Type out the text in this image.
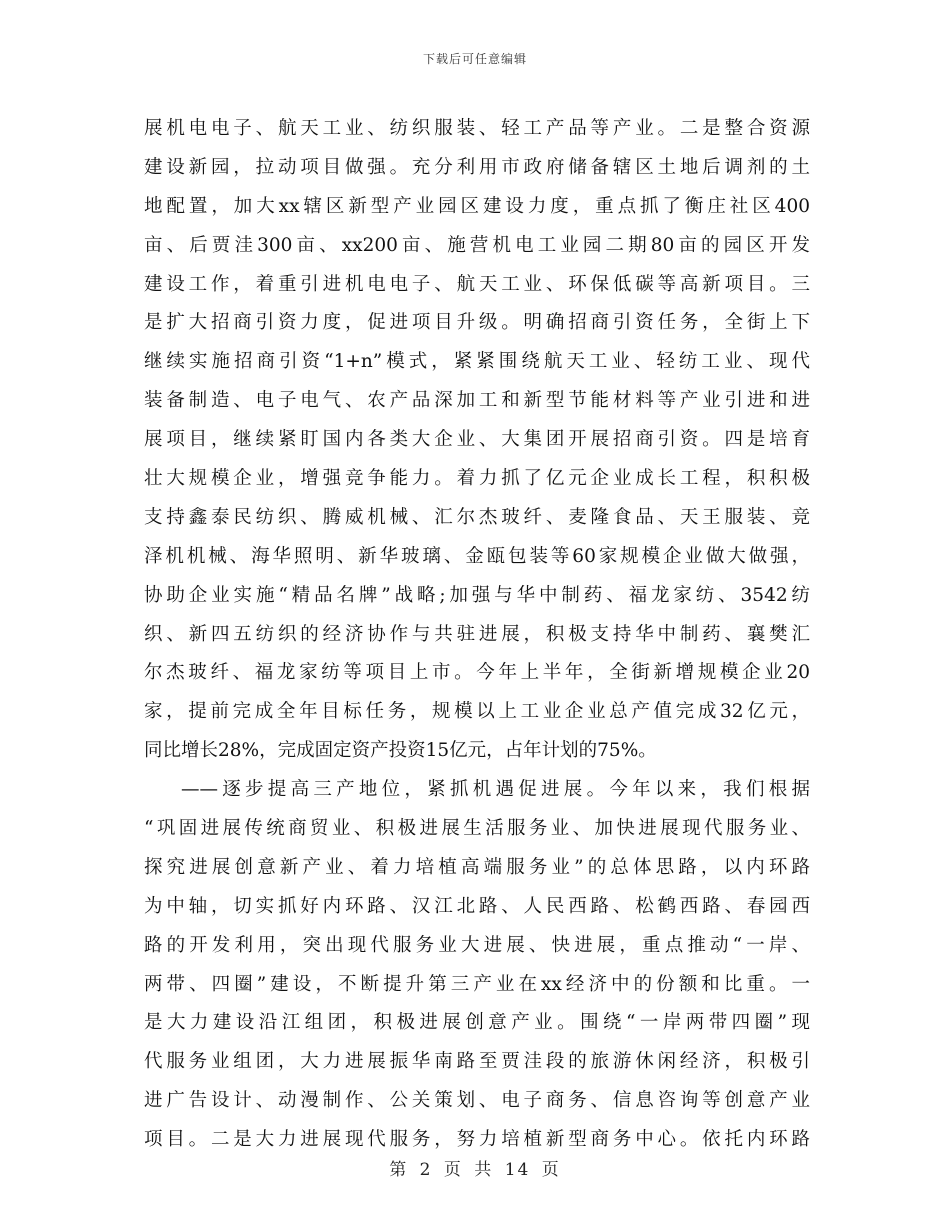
下载后可任意编辑
展机电电子、航天工业、纺织服装、轻工产品等产业。二是整合资源
建设新园，拉动项目做强。充分利用市政府储备辖区土地后调剂的土
地配置，加大xx辖区新型产业园区建设力度，重点抓了衡庄社区400
亩、后贾洼300亩、xx200亩、施营机电工业园二期80亩的园区开发
建设工作，着重引进机电电子、航天工业、环保低碳等高新项目。三
是扩大招商引资力度，促进项目升级。明确招商引资任务，全街上下
继续实施招商引资“1+n”模式，紧紧围绕航天工业、轻纺工业、现代
装备制造、电子电气、农产品深加工和新型节能材料等产业引进和进
展项目，继续紧盯国内各类大企业、大集团开展招商引资。四是培育
壮大规模企业，增强竞争能力。着力抓了亿元企业成长工程，积积极
支持鑫泰民纺织、腾威机械、汇尔杰玻纤、麦隆食品、天王服装、竞
泽机机械、海华照明、新华玻璃、金瓯包装等60家规模企业做大做强，
协助企业实施“精品名牌”战略;加强与华中制药、福龙家纺、3542纺
织、新四五纺织的经济协作与共驻进展，积极支持华中制药、襄樊汇
尔杰玻纤、福龙家纺等项目上市。今年上半年，全街新增规模企业20
家，提前完成全年目标任务，规模以上工业企业总产值完成32亿元，
同比增长28%，完成固定资产投资15亿元，占年计划的75%。
——逐步提高三产地位，紧抓机遇促进展。今年以来，我们根据
“巩固进展传统商贸业、积极进展生活服务业、加快进展现代服务业、
探究进展创意新产业、着力培植高端服务业”的总体思路，以内环路
为中轴，切实抓好内环路、汉江北路、人民西路、松鹤西路、春园西
路的开发利用，突出现代服务业大进展、快进展，重点推动“一岸、
两带、四圈”建设，不断提升第三产业在xx经济中的份额和比重。一
是大力建设沿江组团，积极进展创意产业。围绕“一岸两带四圈”现
代服务业组团，大力进展振华南路至贾洼段的旅游休闲经济，积极引
进广告设计、动漫制作、公关策划、电子商务、信息咨询等创意产业
项目。二是大力进展现代服务，努力培植新型商务中心。依托内环路
第 2 页 共 14 页
